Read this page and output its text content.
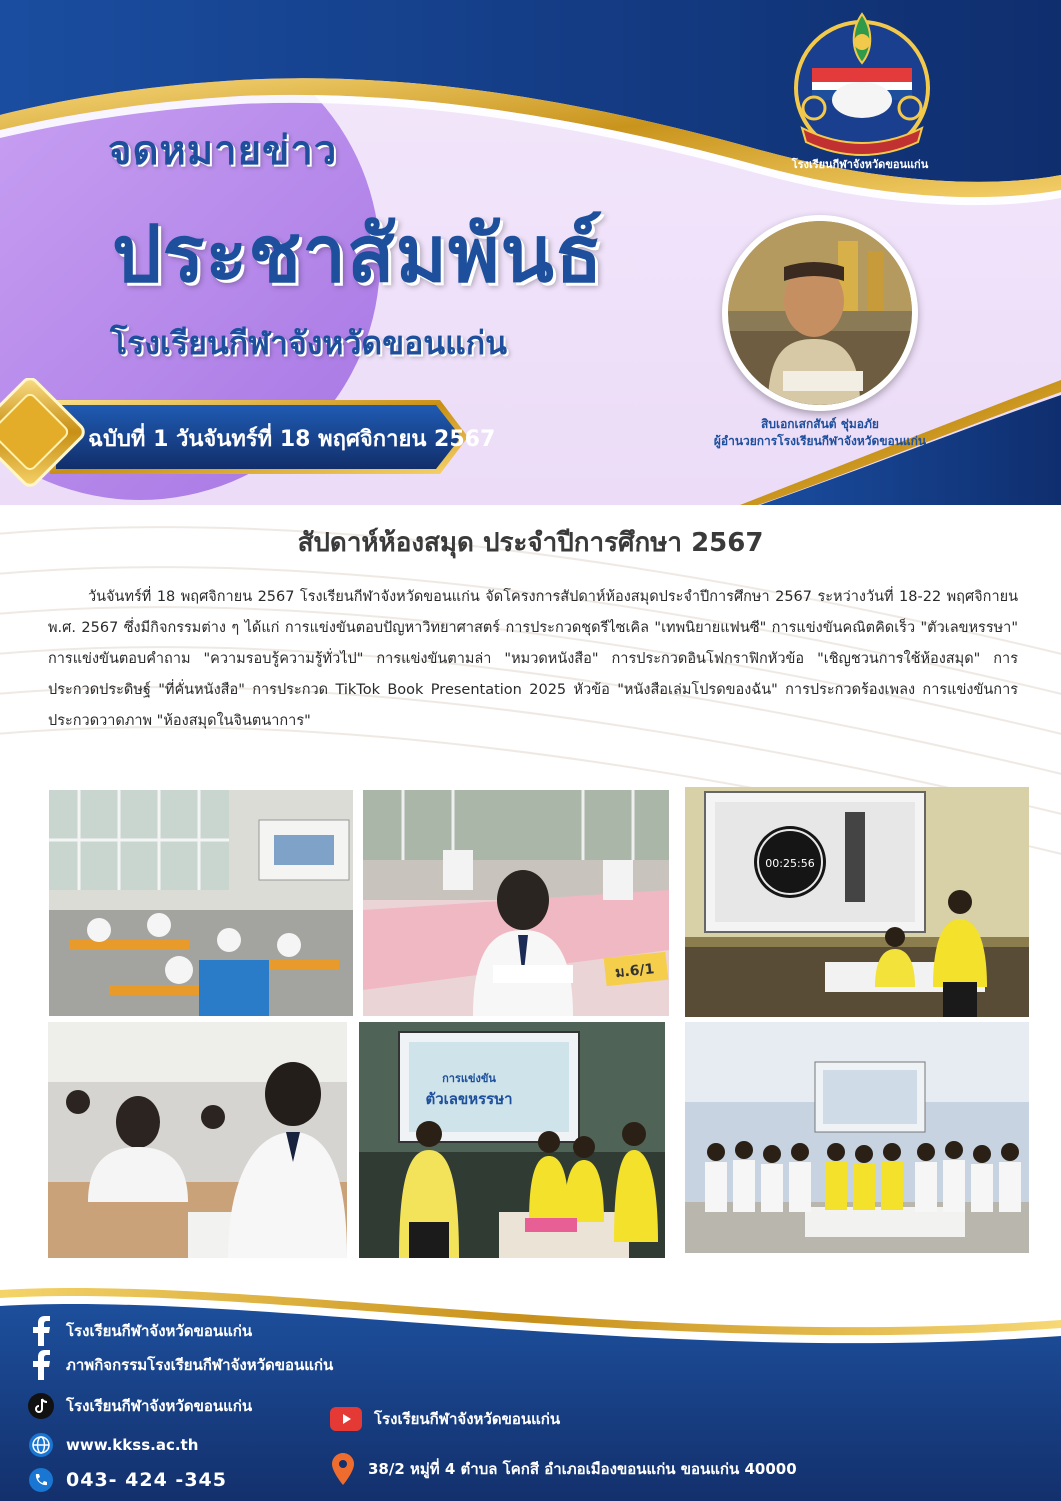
จดหมายข่าว
ประชาสัมพันธ์
โรงเรียนกีฬาจังหวัดขอนแก่น
ฉบับที่ 1 วันจันทร์ที่ 18 พฤศจิกายน 2567
โรงเรียนกีฬาจังหวัดขอนแก่น
สิบเอกเสกสันต์ ชุ่มอภัย
ผู้อำนวยการโรงเรียนกีฬาจังหวัดขอนแก่น
สัปดาห์ห้องสมุด ประจำปีการศึกษา 2567
วันจันทร์ที่ 18 พฤศจิกายน 2567 โรงเรียนกีฬาจังหวัดขอนแก่น จัดโครงการสัปดาห์ห้องสมุดประจำปีการศึกษา 2567 ระหว่างวันที่ 18-22 พฤศจิกายน พ.ศ. 2567 ซึ่งมีกิจกรรมต่าง ๆ ได้แก่ การแข่งขันตอบปัญหาวิทยาศาสตร์ การประกวดชุดรีไซเคิล "เทพนิยายแฟนซี" การแข่งขันคณิตคิดเร็ว "ตัวเลขหรรษา" การแข่งขันตอบคำถาม "ความรอบรู้ความรู้ทั่วไป" การแข่งขันตามล่า "หมวดหนังสือ" การประกวดอินโฟกราฟิกหัวข้อ "เชิญชวนการใช้ห้องสมุด" การประกวดประดิษฐ์ "ที่คั่นหนังสือ" การประกวด TikTok Book Presentation 2025 หัวข้อ "หนังสือเล่มโปรดของฉัน" การประกวดร้องเพลง การแข่งขันการประกวดวาดภาพ "ห้องสมุดในจินตนาการ"
ม.6/1
00:25:56
การแข่งขัน
ตัวเลขหรรษา
โรงเรียนกีฬาจังหวัดขอนแก่น
ภาพกิจกรรมโรงเรียนกีฬาจังหวัดขอนแก่น
โรงเรียนกีฬาจังหวัดขอนแก่น
www.kkss.ac.th
043- 424 -345
โรงเรียนกีฬาจังหวัดขอนแก่น
38/2 หมู่ที่ 4 ตำบล โคกสี อำเภอเมืองขอนแก่น ขอนแก่น 40000
